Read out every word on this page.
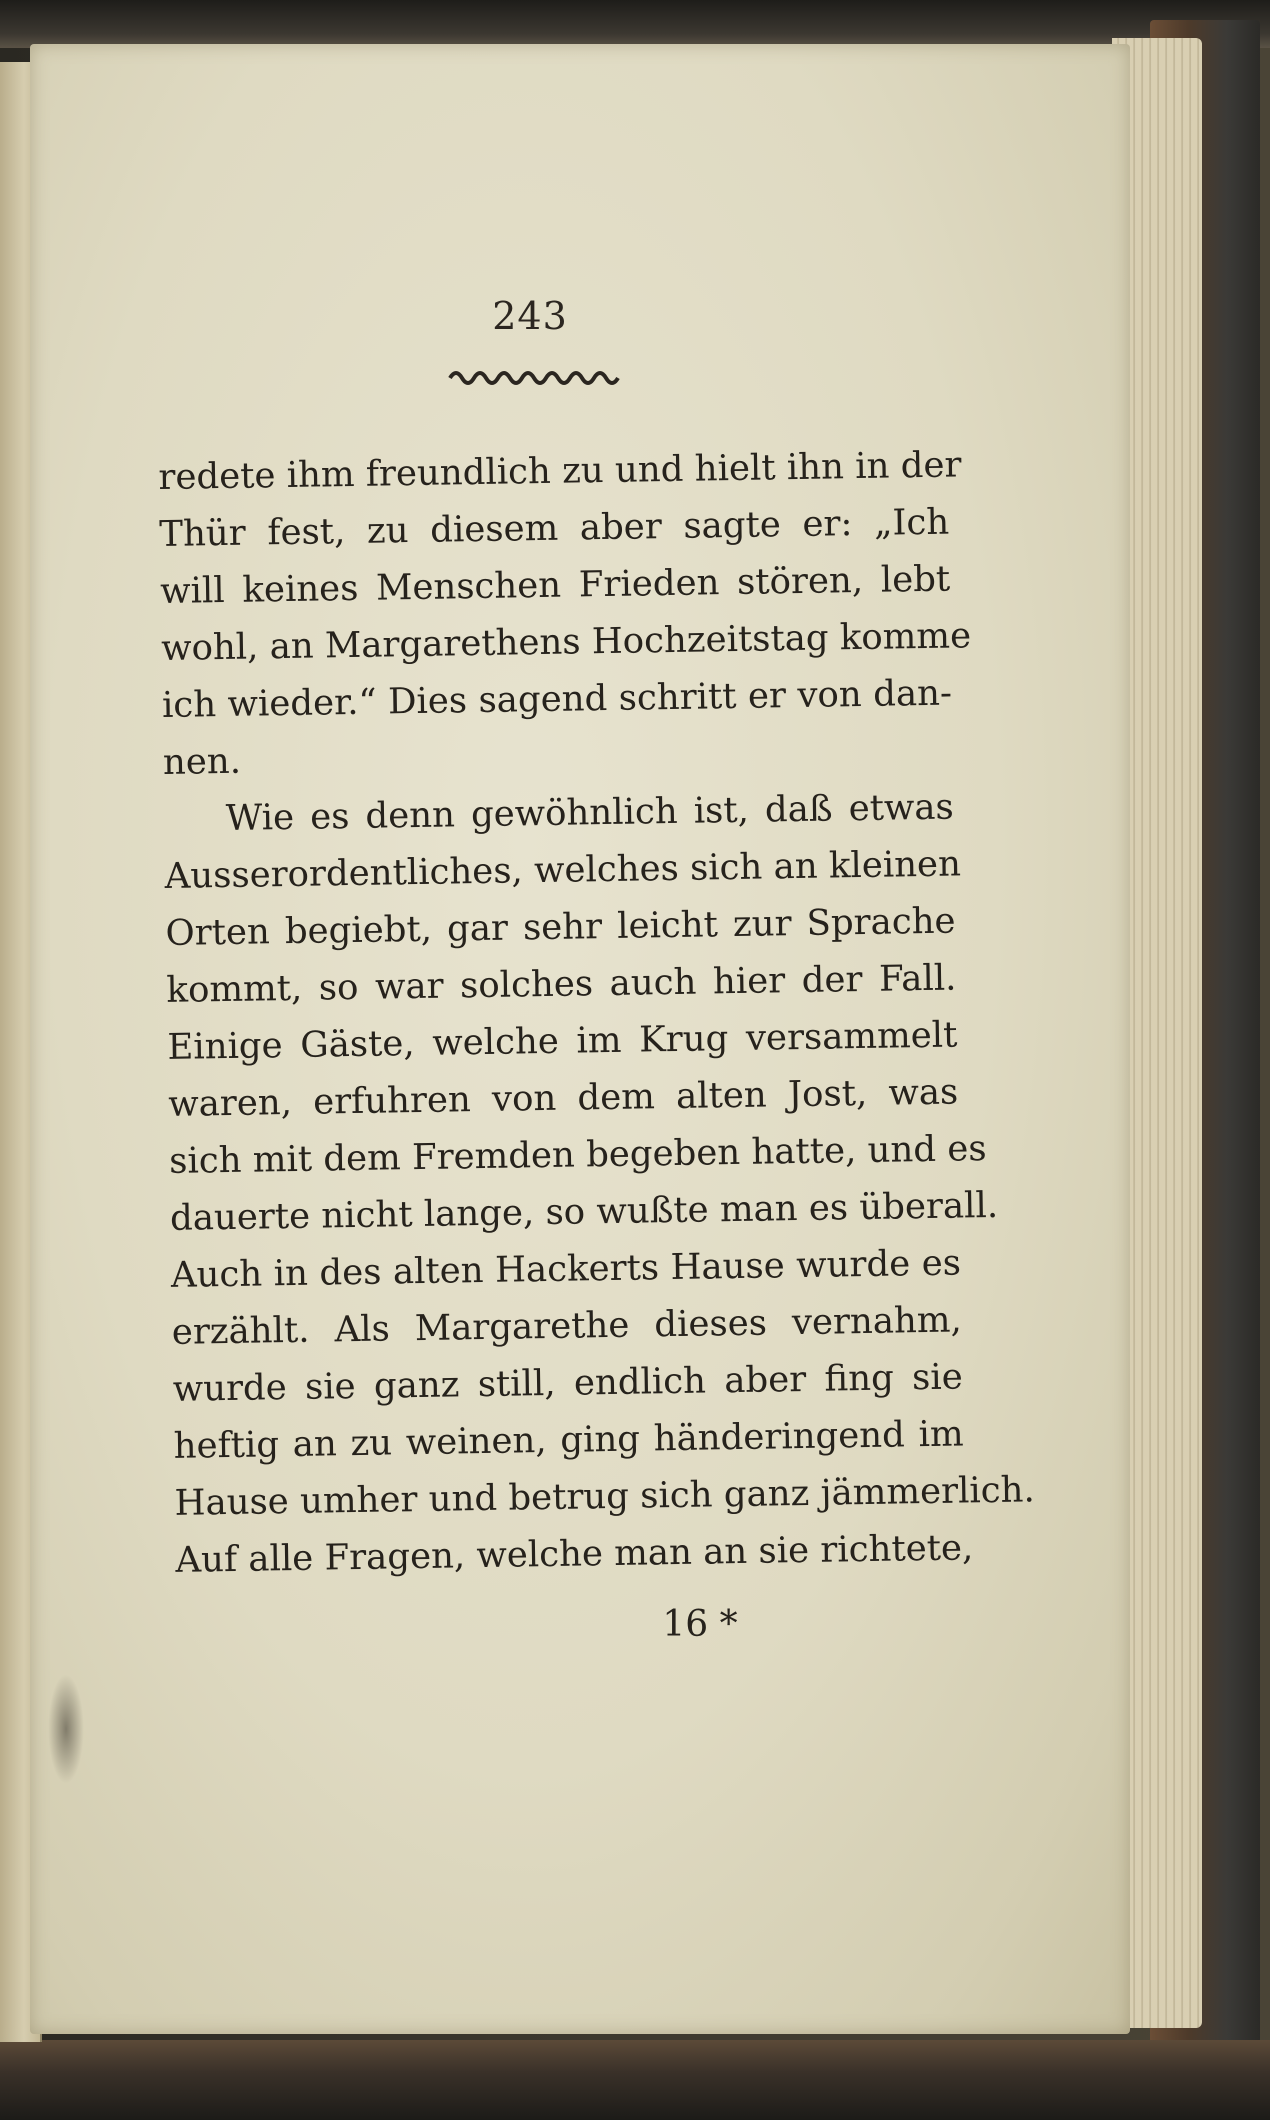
243
redete ihm freundlich zu und hielt ihn in der
Thür fest, zu diesem aber sagte er: „Ich
will keines Menschen Frieden stören, lebt
wohl, an Margarethens Hochzeitstag komme
ich wieder.“ Dies sagend schritt er von dan-
nen.
Wie es denn gewöhnlich ist, daß etwas
Ausserordentliches, welches sich an kleinen
Orten begiebt, gar sehr leicht zur Sprache
kommt, so war solches auch hier der Fall.
Einige Gäste, welche im Krug versammelt
waren, erfuhren von dem alten Jost, was
sich mit dem Fremden begeben hatte, und es
dauerte nicht lange, so wußte man es überall.
Auch in des alten Hackerts Hause wurde es
erzählt. Als Margarethe dieses vernahm,
wurde sie ganz still, endlich aber fing sie
heftig an zu weinen, ging händeringend im
Hause umher und betrug sich ganz jämmerlich.
Auf alle Fragen, welche man an sie richtete,
16 *
